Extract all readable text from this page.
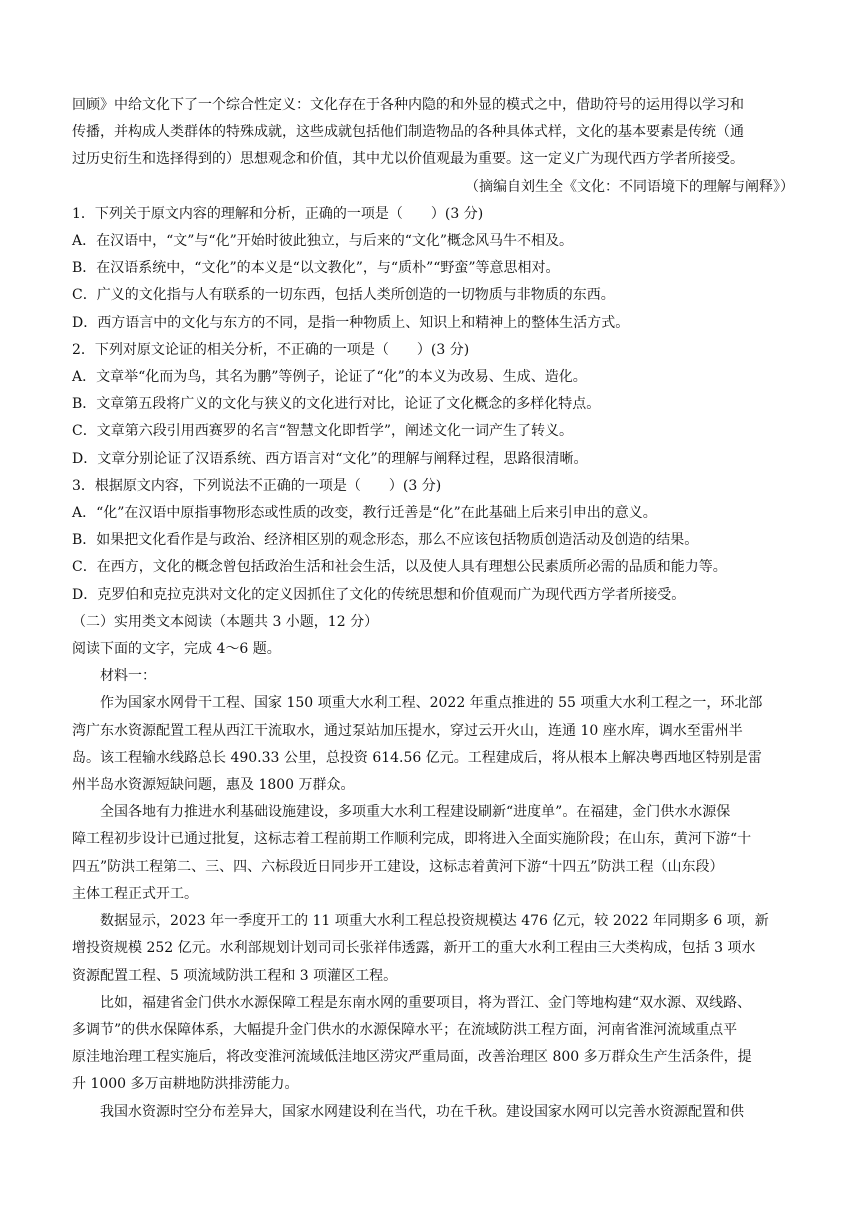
回顾》中给文化下了一个综合性定义：文化存在于各种内隐的和外显的模式之中，借助符号的运用得以学习和
传播，并构成人类群体的特殊成就，这些成就包括他们制造物品的各种具体式样，文化的基本要素是传统（通
过历史衍生和选择得到的）思想观念和价值，其中尤以价值观最为重要。这一定义广为现代西方学者所接受。
（摘编自刘生全《文化：不同语境下的理解与阐释》）
1．下列关于原文内容的理解和分析，正确的一项是（　　）(3 分)
A．在汉语中，“文”与“化”开始时彼此独立，与后来的“文化”概念风马牛不相及。
B．在汉语系统中，“文化”的本义是“以文教化”，与“质朴”“野蛮”等意思相对。
C．广义的文化指与人有联系的一切东西，包括人类所创造的一切物质与非物质的东西。
D．西方语言中的文化与东方的不同，是指一种物质上、知识上和精神上的整体生活方式。
2．下列对原文论证的相关分析，不正确的一项是（　　）(3 分)
A．文章举“化而为鸟，其名为鹏”等例子，论证了“化”的本义为改易、生成、造化。
B．文章第五段将广义的文化与狭义的文化进行对比，论证了文化概念的多样化特点。
C．文章第六段引用西赛罗的名言“智慧文化即哲学”，阐述文化一词产生了转义。
D．文章分别论证了汉语系统、西方语言对“文化”的理解与阐释过程，思路很清晰。
3．根据原文内容，下列说法不正确的一项是（　　）(3 分)
A．“化”在汉语中原指事物形态或性质的改变，教行迁善是“化”在此基础上后来引申出的意义。
B．如果把文化看作是与政治、经济相区别的观念形态，那么不应该包括物质创造活动及创造的结果。
C．在西方，文化的概念曾包括政治生活和社会生活，以及使人具有理想公民素质所必需的品质和能力等。
D．克罗伯和克拉克洪对文化的定义因抓住了文化的传统思想和价值观而广为现代西方学者所接受。
（二）实用类文本阅读（本题共 3 小题，12 分）
阅读下面的文字，完成 4～6 题。
材料一：
作为国家水网骨干工程、国家 150 项重大水利工程、2022 年重点推进的 55 项重大水利工程之一，环北部
湾广东水资源配置工程从西江干流取水，通过泵站加压提水，穿过云开火山，连通 10 座水库，调水至雷州半
岛。该工程输水线路总长 490.33 公里，总投资 614.56 亿元。工程建成后，将从根本上解决粤西地区特别是雷
州半岛水资源短缺问题，惠及 1800 万群众。
全国各地有力推进水利基础设施建设，多项重大水利工程建设刷新“进度单”。在福建，金门供水水源保
障工程初步设计已通过批复，这标志着工程前期工作顺利完成，即将进入全面实施阶段；在山东，黄河下游“十
四五”防洪工程第二、三、四、六标段近日同步开工建设，这标志着黄河下游“十四五”防洪工程（山东段）
主体工程正式开工。
数据显示，2023 年一季度开工的 11 项重大水利工程总投资规模达 476 亿元，较 2022 年同期多 6 项，新
增投资规模 252 亿元。水利部规划计划司司长张祥伟透露，新开工的重大水利工程由三大类构成，包括 3 项水
资源配置工程、5 项流域防洪工程和 3 项灌区工程。
比如，福建省金门供水水源保障工程是东南水网的重要项目，将为晋江、金门等地构建“双水源、双线路、
多调节”的供水保障体系，大幅提升金门供水的水源保障水平；在流域防洪工程方面，河南省淮河流域重点平
原洼地治理工程实施后，将改变淮河流域低洼地区涝灾严重局面，改善治理区 800 多万群众生产生活条件，提
升 1000 多万亩耕地防洪排涝能力。
我国水资源时空分布差异大，国家水网建设利在当代，功在千秋。建设国家水网可以完善水资源配置和供
